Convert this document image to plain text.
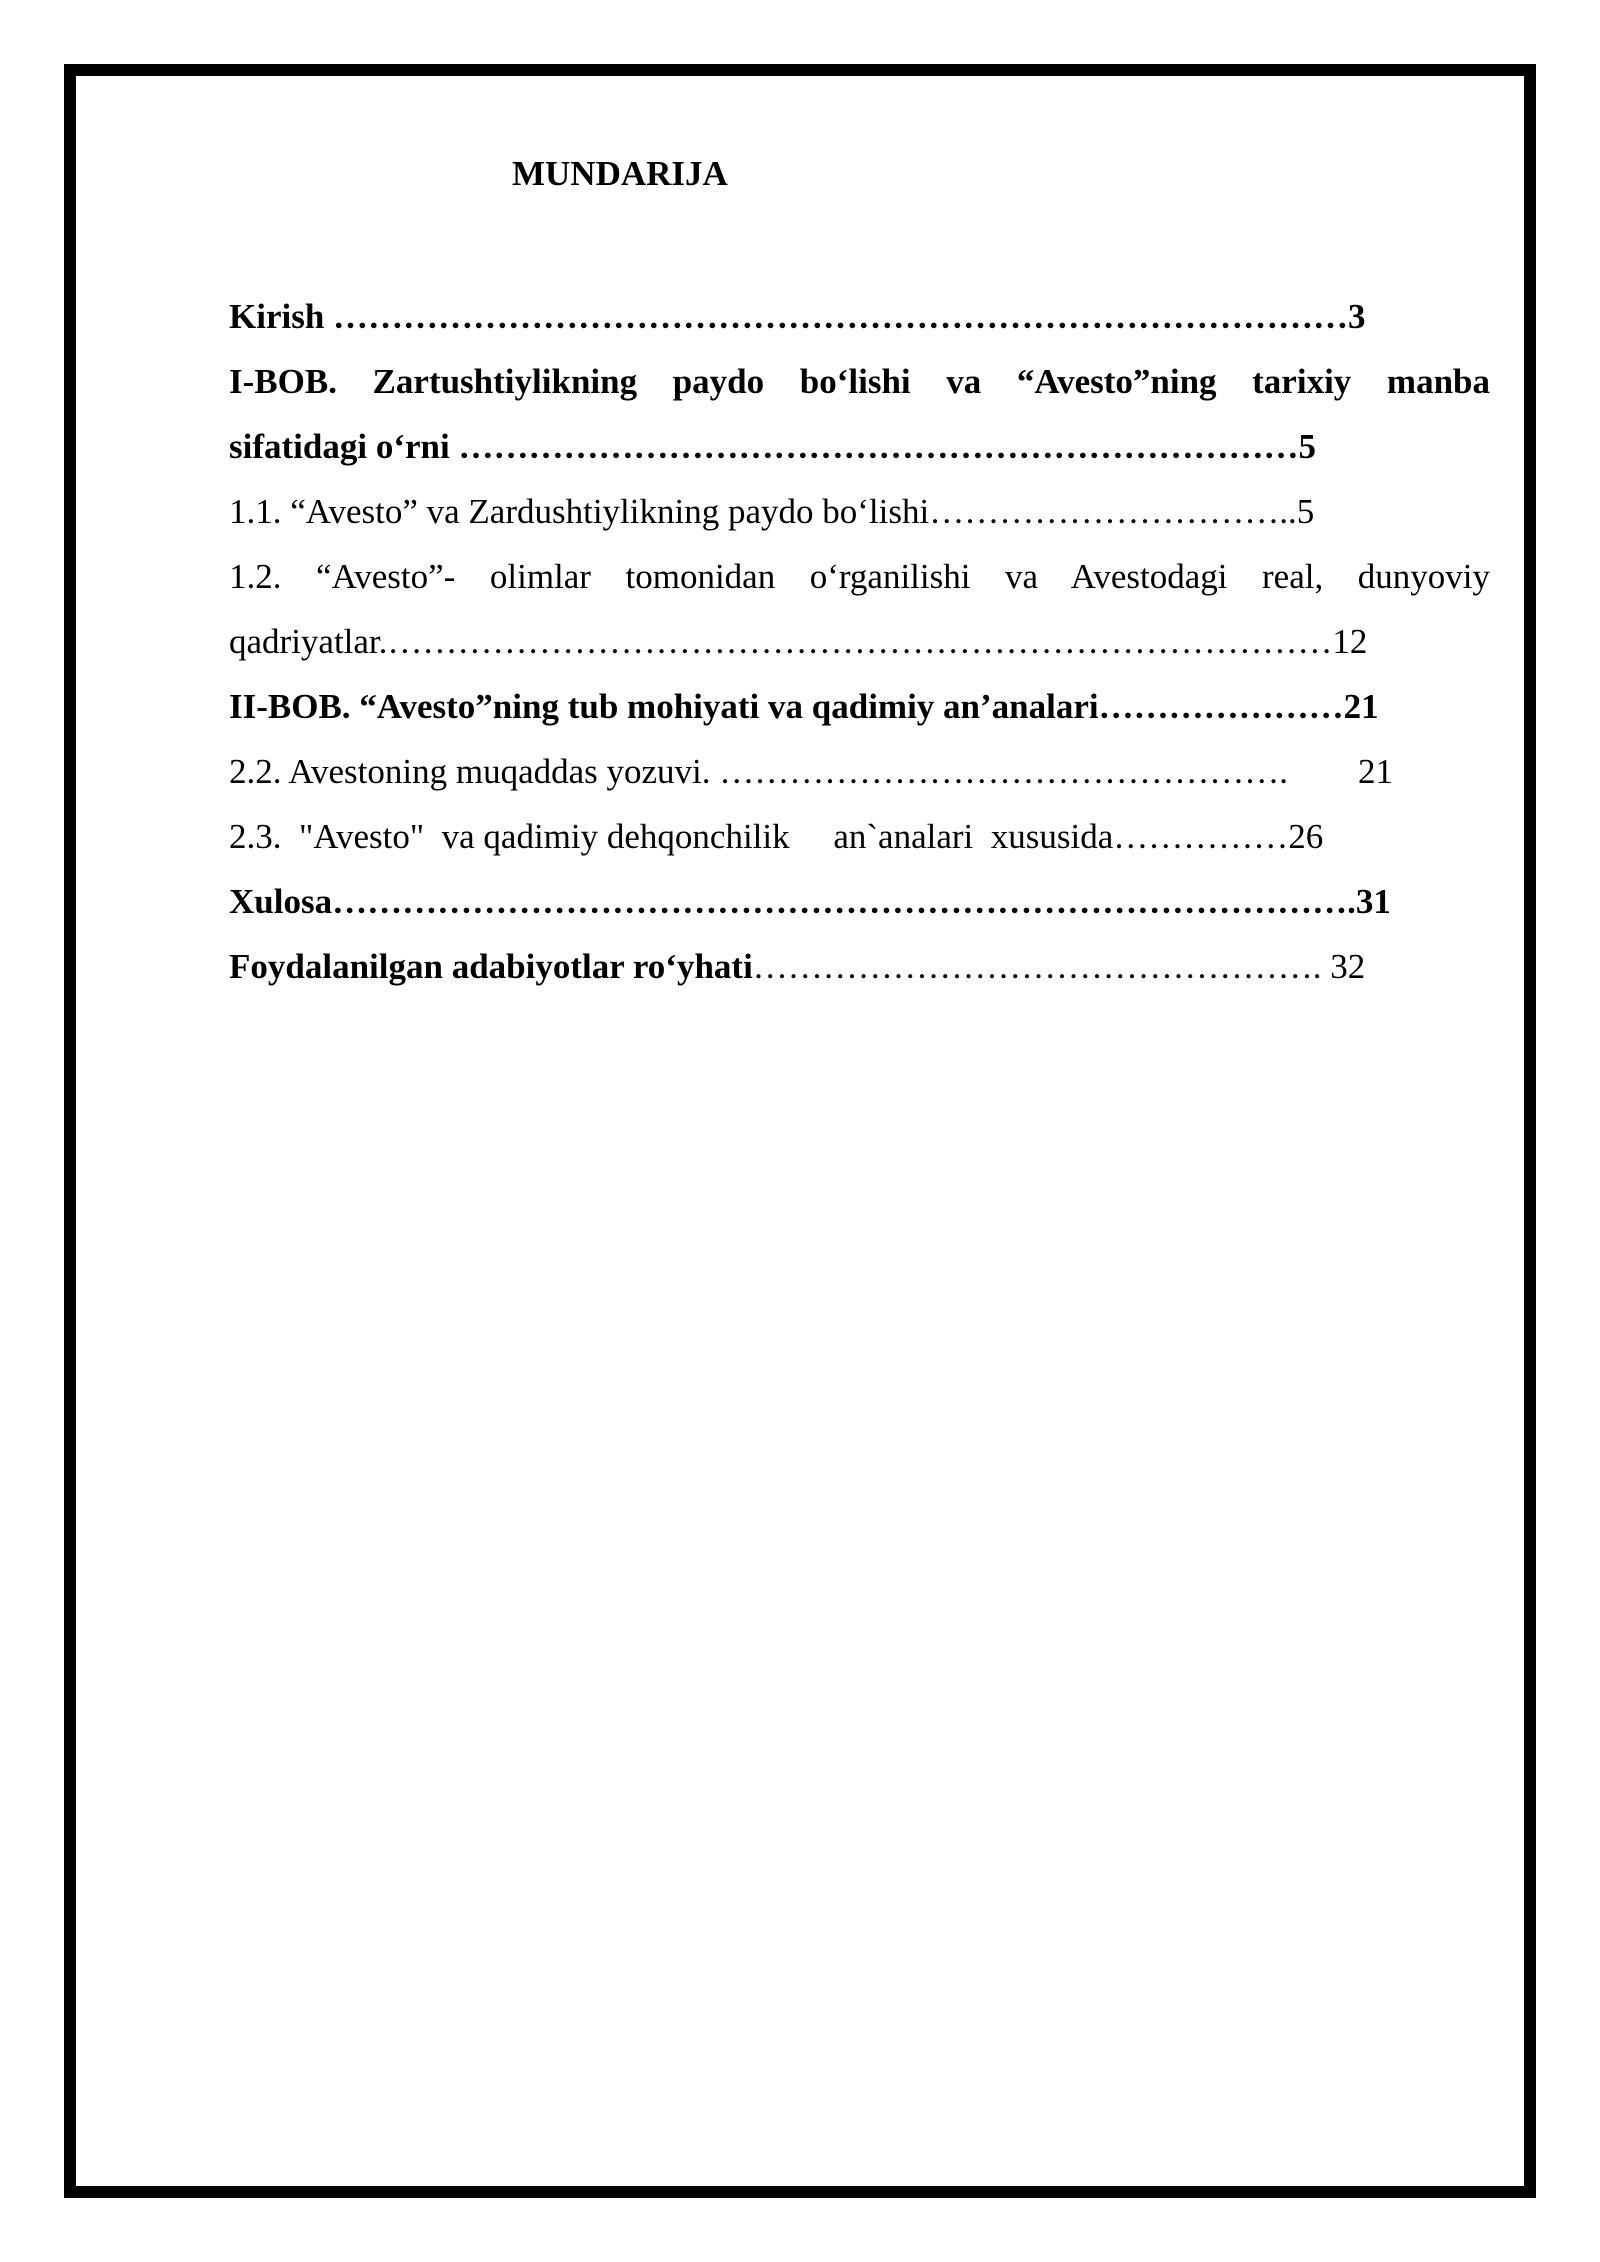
MUNDARIJA
Kirish ……………………………………………………………………………3
I-BOB. Zartushtiylikning paydo bo‘lishi va “Avesto”ning tarixiy manba
sifatidagi o‘rni ………………………………………………………………5
1.1. “Avesto” va Zardushtiylikning paydo bo‘lishi…………………………..5
1.2. “Avesto”- olimlar tomonidan o‘rganilishi va Avestodagi real, dunyoviy
qadriyatlar.………………………………………………………………………12
II-BOB. “Avesto”ning tub mohiyati va qadimiy an’analari…………………21
2.2. Avestoning muqaddas yozuvi. ………………………………………….        21
2.3.  "Avesto"  va qadimiy dehqonchilik     an`analari  xususida……………26
Xulosa…………………………………………………………………………….31
Foydalanilgan adabiyotlar ro‘yhati…………………………………………. 32
